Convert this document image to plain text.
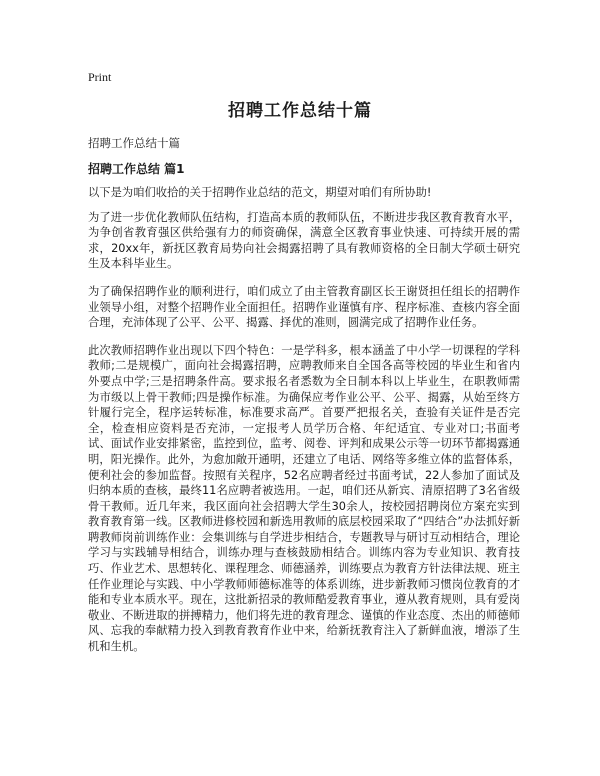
Print
招聘工作总结十篇
招聘工作总结十篇
招聘工作总结 篇1

以下是为咱们收拾的关于招聘作业总结的范文，期望对咱们有所协助!

为了进一步优化教师队伍结构，打造高本质的教师队伍，不断进步我区教育教育水平，为争创省教育强区供给强有力的师资确保，满意全区教育事业快速、可持续开展的需求，20xx年，新抚区教育局势向社会揭露招聘了具有教师资格的全日制大学硕士研究生及本科毕业生。

为了确保招聘作业的顺利进行，咱们成立了由主管教育副区长王谢贤担任组长的招聘作业领导小组，对整个招聘作业全面担任。招聘作业谨慎有序、程序标准、查核内容全面合理，充沛体现了公平、公平、揭露、择优的准则，圆满完成了招聘作业任务。

此次教师招聘作业出现以下四个特色：一是学科多，根本涵盖了中小学一切课程的学科教师;二是规模广，面向社会揭露招聘，应聘教师来自全国各高等校园的毕业生和省内外要点中学;三是招聘条件高。要求报名者悉数为全日制本科以上毕业生，在职教师需为市级以上骨干教师;四是操作标准。为确保应考作业公平、公平、揭露，从始至终方针履行完全，程序运转标准，标准要求高严。首要严把报名关，查验有关证件是否完全，检查相应资料是否充沛，一定报考人员学历合格、年纪适宜、专业对口;书面考试、面试作业安排紧密，监控到位，监考、阅卷、评判和成果公示等一切环节都揭露通明，阳光操作。此外，为愈加敞开通明，还建立了电话、网络等多维立体的监督体系，便利社会的参加监督。按照有关程序，52名应聘者经过书面考试，22人参加了面试及归纳本质的查核，最终11名应聘者被选用。一起，咱们还从新宾、清原招聘了3名省级骨干教师。近几年来，我区面向社会招聘大学生30余人，按校园招聘岗位方案充实到教育教育第一线。区教师进修校园和新选用教师的底层校园采取了“四结合”办法抓好新聘教师岗前训练作业：会集训练与自学进步相结合，专题教导与研讨互动相结合，理论学习与实践辅导相结合，训练办理与查核鼓励相结合。训练内容为专业知识、教育技巧、作业艺术、思想转化、课程理念、师德涵养，训练要点为教育方针法律法规、班主任作业理论与实践、中小学教师师德标准等的体系训练，进步新教师习惯岗位教育的才能和专业本质水平。现在，这批新招录的教师酷爱教育事业，遵从教育规则，具有爱岗敬业、不断进取的拼搏精力，他们将先进的教育理念、谨慎的作业态度、杰出的师德师风、忘我的奉献精力投入到教育教育作业中来，给新抚教育注入了新鲜血液，增添了生机和生机。
